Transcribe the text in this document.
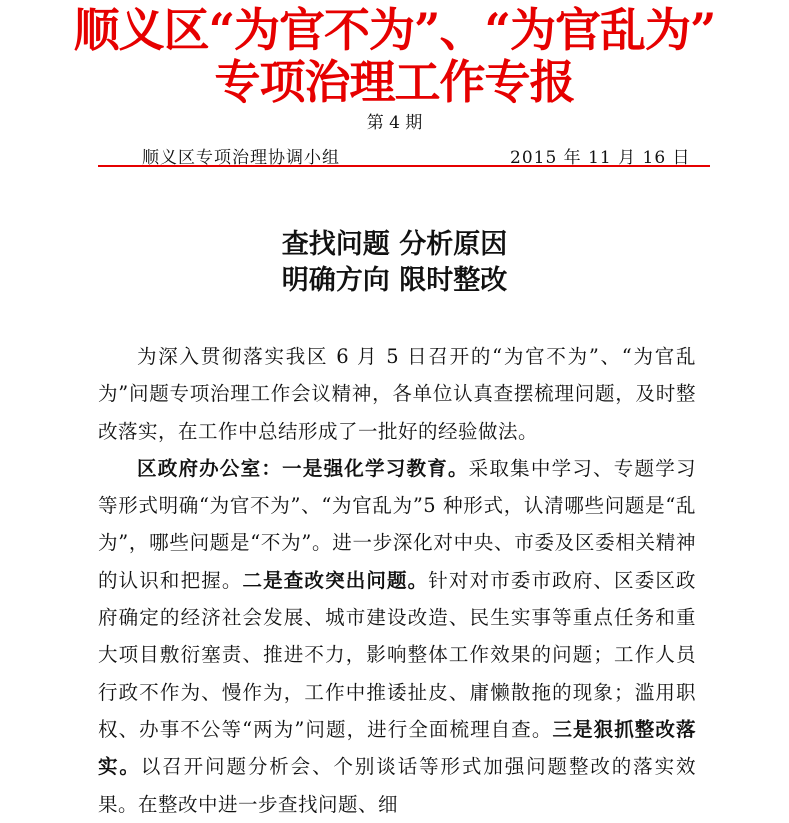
顺义区“为官不为”、“为官乱为”
专项治理工作专报
第 4 期
顺义区专项治理协调小组	2015 年 11 月 16 日
查找问题 分析原因
明确方向 限时整改

为深入贯彻落实我区 6 月 5 日召开的“为官不为”、“为官乱为”问题专项治理工作会议精神，各单位认真查摆梳理问题，及时整改落实，在工作中总结形成了一批好的经验做法。

区政府办公室：一是强化学习教育。采取集中学习、专题学习等形式明确“为官不为”、“为官乱为”5 种形式，认清哪些问题是“乱为”，哪些问题是“不为”。进一步深化对中央、市委及区委相关精神的认识和把握。二是查改突出问题。针对对市委市政府、区委区政府确定的经济社会发展、城市建设改造、民生实事等重点任务和重大项目敷衍塞责、推进不力，影响整体工作效果的问题；工作人员行政不作为、慢作为，工作中推诿扯皮、庸懒散拖的现象；滥用职权、办事不公等“两为”问题，进行全面梳理自查。三是狠抓整改落实。以召开问题分析会、个别谈话等形式加强问题整改的落实效果。在整改中进一步查找问题、细
